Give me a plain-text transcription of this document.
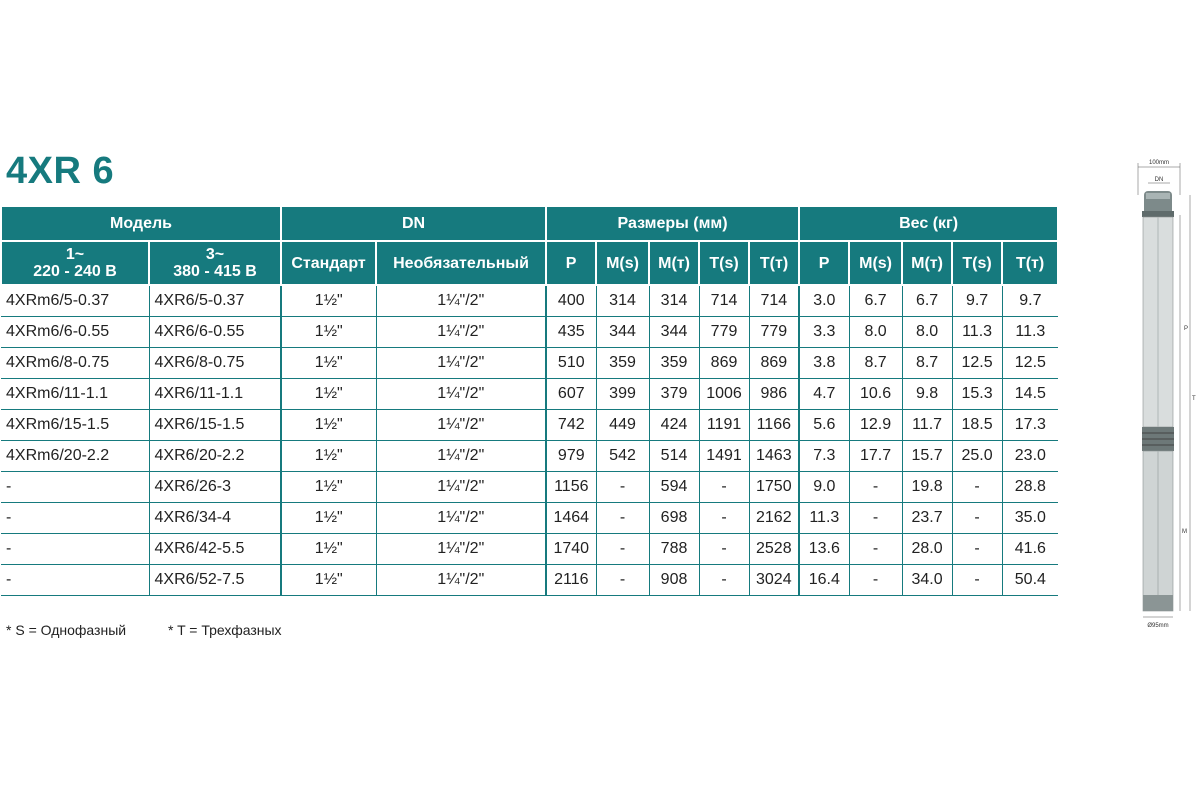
4XR 6
Модель		DN		Размеры (мм)					Вес (кг)				
1~
220 - 240 В	3~
380 - 415 В	Стандарт	Необязательный	P	M(s)	M(т)	T(s)	T(т)	P	M(s)	M(т)	T(s)	T(т)
4XRm6/5-0.37	4XR6/5-0.37	1½"	1¼"/2"	400	314	314	714	714	3.0	6.7	6.7	9.7	9.7
4XRm6/6-0.55	4XR6/6-0.55	1½"	1¼"/2"	435	344	344	779	779	3.3	8.0	8.0	11.3	11.3
4XRm6/8-0.75	4XR6/8-0.75	1½"	1¼"/2"	510	359	359	869	869	3.8	8.7	8.7	12.5	12.5
4XRm6/11-1.1	4XR6/11-1.1	1½"	1¼"/2"	607	399	379	1006	986	4.7	10.6	9.8	15.3	14.5
4XRm6/15-1.5	4XR6/15-1.5	1½"	1¼"/2"	742	449	424	1191	1166	5.6	12.9	11.7	18.5	17.3
4XRm6/20-2.2	4XR6/20-2.2	1½"	1¼"/2"	979	542	514	1491	1463	7.3	17.7	15.7	25.0	23.0
-	4XR6/26-3	1½"	1¼"/2"	1156	-	594	-	1750	9.0	-	19.8	-	28.8
-	4XR6/34-4	1½"	1¼"/2"	1464	-	698	-	2162	11.3	-	23.7	-	35.0
-	4XR6/42-5.5	1½"	1¼"/2"	1740	-	788	-	2528	13.6	-	28.0	-	41.6
-	4XR6/52-7.5	1½"	1¼"/2"	2116	-	908	-	3024	16.4	-	34.0	-	50.4
* S = Однофазный	* T = Трехфазных
100mm
DN
P
T
M
Ø95mm
